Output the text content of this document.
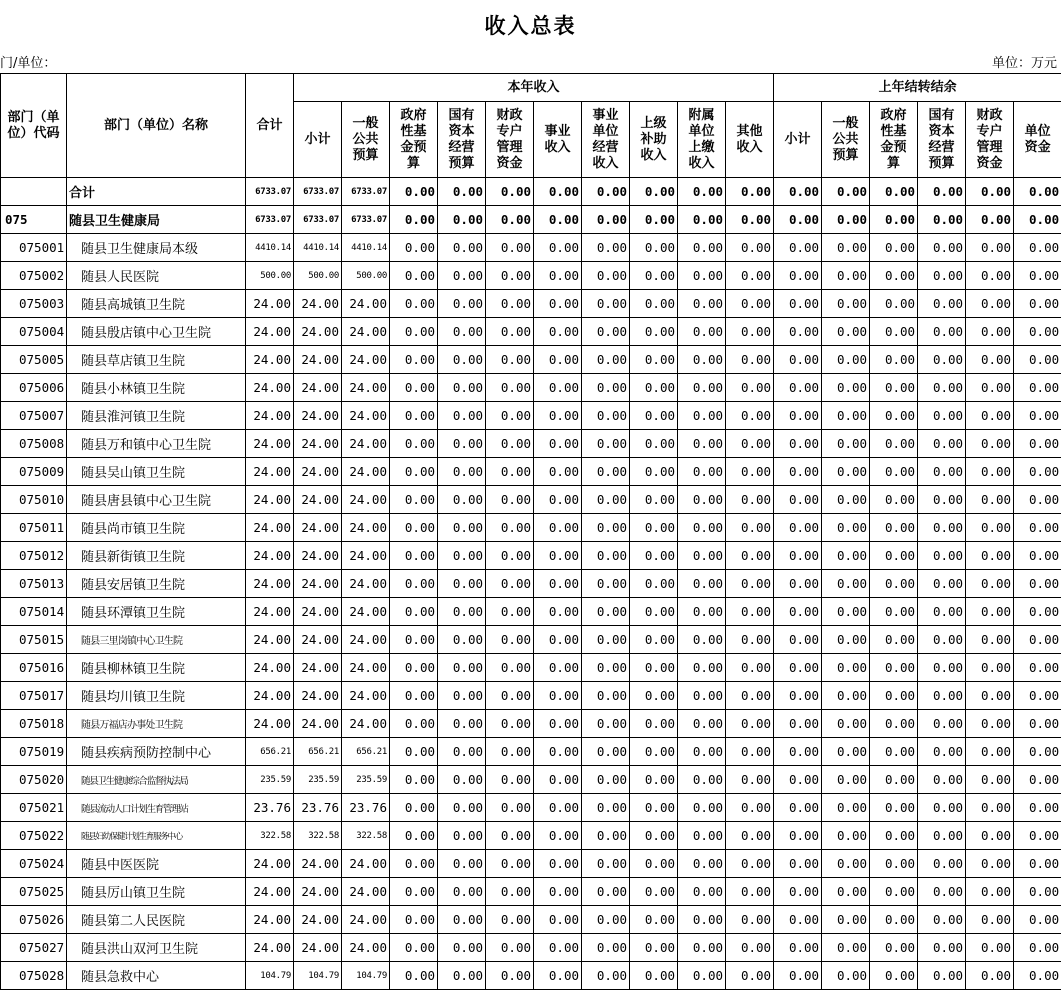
收入总表
门/单位：	单位：万元
部门（单位）代码	部门（单位）名称	合计	本年收入										上年结转结余						
			小计	一般公共预算	政府性基金预算	国有资本经营预算	财政专户管理资金	事业收入	事业单位经营收入	上级补助收入	附属单位上缴收入	其他收入	小计	一般公共预算	政府性基金预算	国有资本经营预算	财政专户管理资金	单位资金	
	合计	6733.07	6733.07	6733.07	0.00	0.00	0.00	0.00	0.00	0.00	0.00	0.00	0.00	0.00	0.00	0.00	0.00	0.00		
075	随县卫生健康局	6733.07	6733.07	6733.07	0.00	0.00	0.00	0.00	0.00	0.00	0.00	0.00	0.00	0.00	0.00	0.00	0.00	0.00		
075001	随县卫生健康局本级	4410.14	4410.14	4410.14	0.00	0.00	0.00	0.00	0.00	0.00	0.00	0.00	0.00	0.00	0.00	0.00	0.00	0.00		
075002	随县人民医院	500.00	500.00	500.00	0.00	0.00	0.00	0.00	0.00	0.00	0.00	0.00	0.00	0.00	0.00	0.00	0.00	0.00		
075003	随县高城镇卫生院	24.00	24.00	24.00	0.00	0.00	0.00	0.00	0.00	0.00	0.00	0.00	0.00	0.00	0.00	0.00	0.00	0.00		
075004	随县殷店镇中心卫生院	24.00	24.00	24.00	0.00	0.00	0.00	0.00	0.00	0.00	0.00	0.00	0.00	0.00	0.00	0.00	0.00	0.00		
075005	随县草店镇卫生院	24.00	24.00	24.00	0.00	0.00	0.00	0.00	0.00	0.00	0.00	0.00	0.00	0.00	0.00	0.00	0.00	0.00		
075006	随县小林镇卫生院	24.00	24.00	24.00	0.00	0.00	0.00	0.00	0.00	0.00	0.00	0.00	0.00	0.00	0.00	0.00	0.00	0.00		
075007	随县淮河镇卫生院	24.00	24.00	24.00	0.00	0.00	0.00	0.00	0.00	0.00	0.00	0.00	0.00	0.00	0.00	0.00	0.00	0.00		
075008	随县万和镇中心卫生院	24.00	24.00	24.00	0.00	0.00	0.00	0.00	0.00	0.00	0.00	0.00	0.00	0.00	0.00	0.00	0.00	0.00		
075009	随县吴山镇卫生院	24.00	24.00	24.00	0.00	0.00	0.00	0.00	0.00	0.00	0.00	0.00	0.00	0.00	0.00	0.00	0.00	0.00		
075010	随县唐县镇中心卫生院	24.00	24.00	24.00	0.00	0.00	0.00	0.00	0.00	0.00	0.00	0.00	0.00	0.00	0.00	0.00	0.00	0.00		
075011	随县尚市镇卫生院	24.00	24.00	24.00	0.00	0.00	0.00	0.00	0.00	0.00	0.00	0.00	0.00	0.00	0.00	0.00	0.00	0.00		
075012	随县新街镇卫生院	24.00	24.00	24.00	0.00	0.00	0.00	0.00	0.00	0.00	0.00	0.00	0.00	0.00	0.00	0.00	0.00	0.00		
075013	随县安居镇卫生院	24.00	24.00	24.00	0.00	0.00	0.00	0.00	0.00	0.00	0.00	0.00	0.00	0.00	0.00	0.00	0.00	0.00		
075014	随县环潭镇卫生院	24.00	24.00	24.00	0.00	0.00	0.00	0.00	0.00	0.00	0.00	0.00	0.00	0.00	0.00	0.00	0.00	0.00		
075015	随县三里岗镇中心卫生院	24.00	24.00	24.00	0.00	0.00	0.00	0.00	0.00	0.00	0.00	0.00	0.00	0.00	0.00	0.00	0.00	0.00		
075016	随县柳林镇卫生院	24.00	24.00	24.00	0.00	0.00	0.00	0.00	0.00	0.00	0.00	0.00	0.00	0.00	0.00	0.00	0.00	0.00		
075017	随县均川镇卫生院	24.00	24.00	24.00	0.00	0.00	0.00	0.00	0.00	0.00	0.00	0.00	0.00	0.00	0.00	0.00	0.00	0.00		
075018	随县万福店办事处卫生院	24.00	24.00	24.00	0.00	0.00	0.00	0.00	0.00	0.00	0.00	0.00	0.00	0.00	0.00	0.00	0.00	0.00		
075019	随县疾病预防控制中心	656.21	656.21	656.21	0.00	0.00	0.00	0.00	0.00	0.00	0.00	0.00	0.00	0.00	0.00	0.00	0.00	0.00		
075020	随县卫生健康综合监督执法局	235.59	235.59	235.59	0.00	0.00	0.00	0.00	0.00	0.00	0.00	0.00	0.00	0.00	0.00	0.00	0.00	0.00		
075021	随县流动人口计划生育管理站	23.76	23.76	23.76	0.00	0.00	0.00	0.00	0.00	0.00	0.00	0.00	0.00	0.00	0.00	0.00	0.00	0.00		
075022	随县妇幼保健计划生育服务中心	322.58	322.58	322.58	0.00	0.00	0.00	0.00	0.00	0.00	0.00	0.00	0.00	0.00	0.00	0.00	0.00	0.00		
075024	随县中医医院	24.00	24.00	24.00	0.00	0.00	0.00	0.00	0.00	0.00	0.00	0.00	0.00	0.00	0.00	0.00	0.00	0.00		
075025	随县厉山镇卫生院	24.00	24.00	24.00	0.00	0.00	0.00	0.00	0.00	0.00	0.00	0.00	0.00	0.00	0.00	0.00	0.00	0.00		
075026	随县第二人民医院	24.00	24.00	24.00	0.00	0.00	0.00	0.00	0.00	0.00	0.00	0.00	0.00	0.00	0.00	0.00	0.00	0.00		
075027	随县洪山双河卫生院	24.00	24.00	24.00	0.00	0.00	0.00	0.00	0.00	0.00	0.00	0.00	0.00	0.00	0.00	0.00	0.00	0.00		
075028	随县急救中心	104.79	104.79	104.79	0.00	0.00	0.00	0.00	0.00	0.00	0.00	0.00	0.00	0.00	0.00	0.00	0.00	0.00		
